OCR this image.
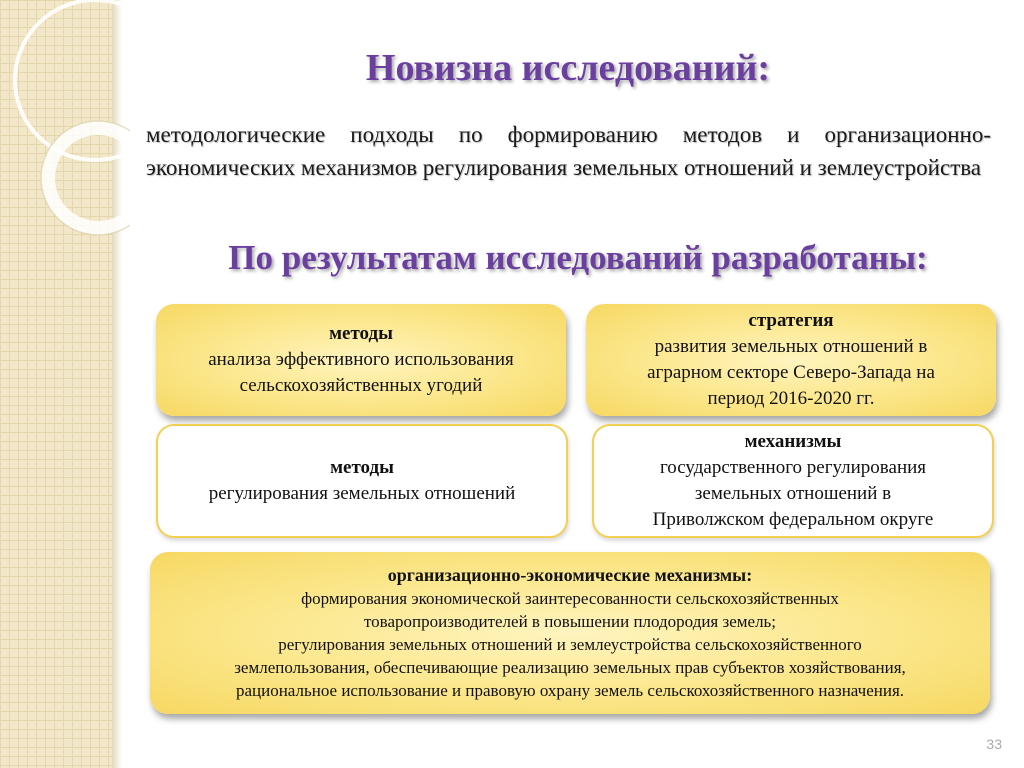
Новизна исследований:

методологические подходы по формированию методов и организационно-экономических механизмов регулирования земельных отношений и землеустройства

По результатам исследований разработаны:
методы
анализа эффективного использования
сельскохозяйственных угодий
стратегия
развития земельных отношений в
аграрном секторе Северо-Запада на
период 2016-2020 гг.
методы
регулирования земельных отношений
механизмы
государственного регулирования
земельных отношений в
Приволжском федеральном округе
организационно-экономические механизмы:
формирования экономической заинтересованности сельскохозяйственных
товаропроизводителей в повышении плодородия земель;
регулирования земельных отношений и землеустройства сельскохозяйственного
землепользования, обеспечивающие реализацию земельных прав субъектов хозяйствования,
рациональное использование и правовую охрану земель сельскохозяйственного назначения.
33
